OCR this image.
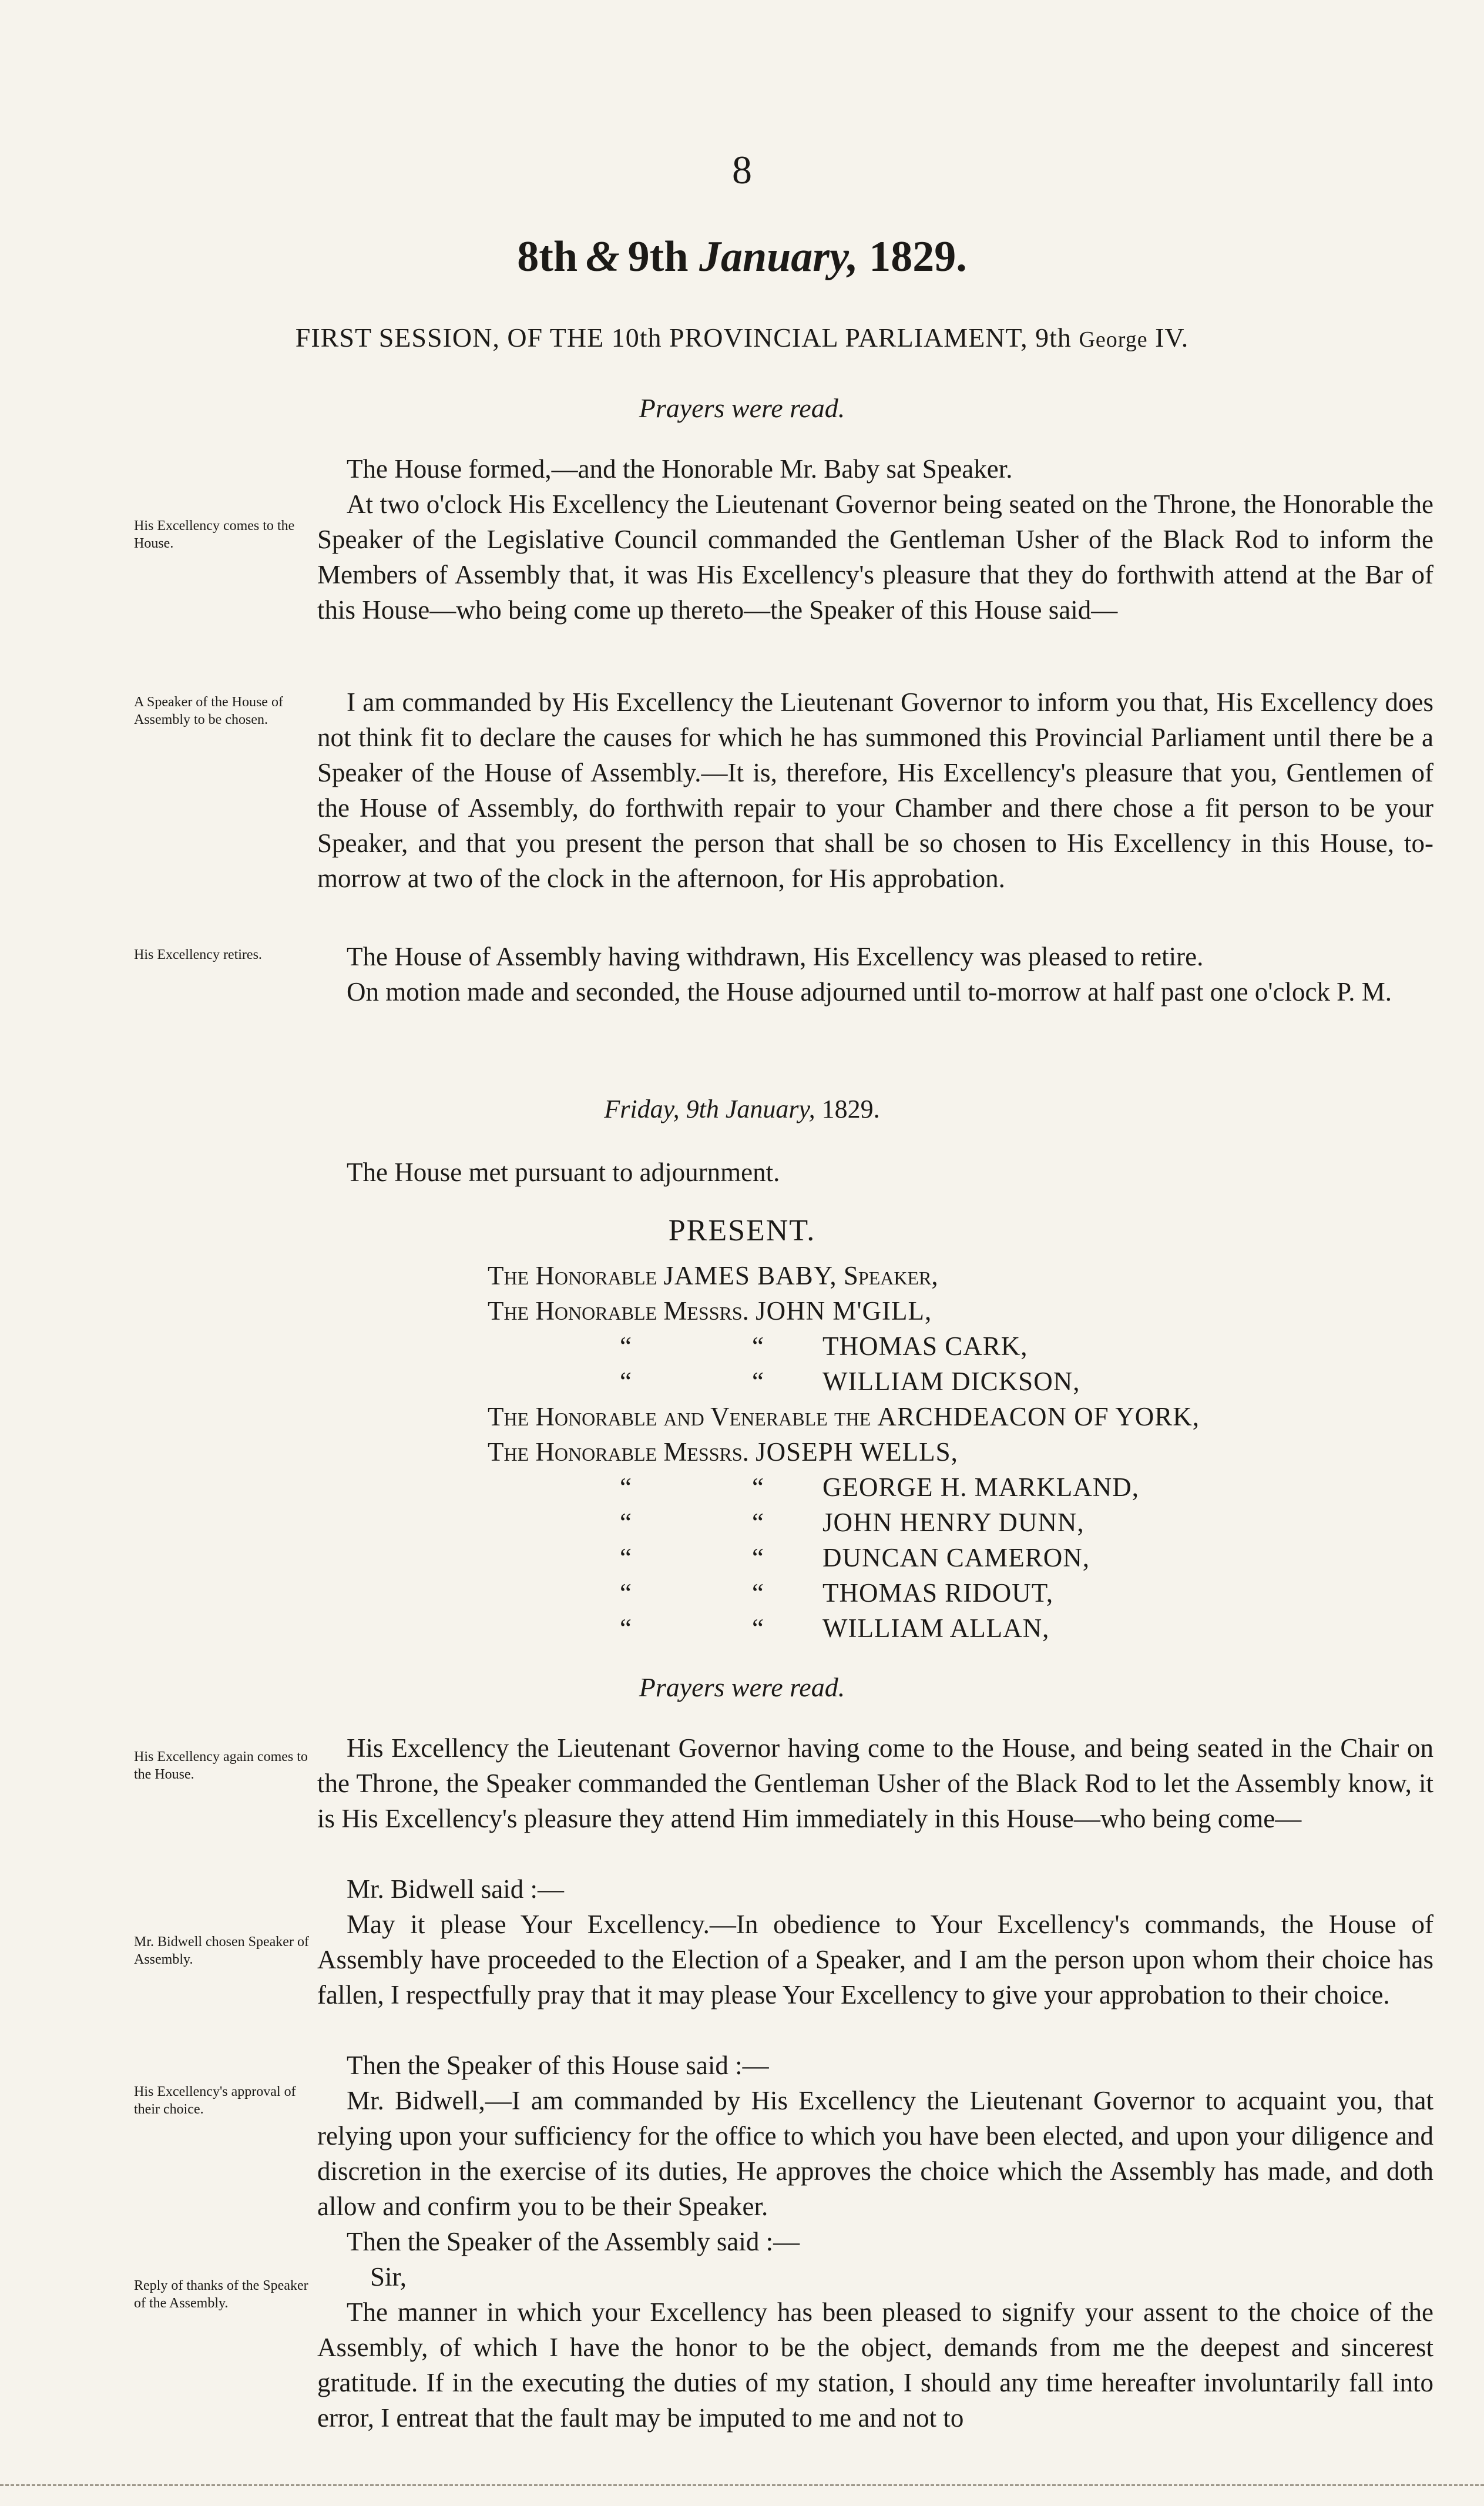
8
8th & 9th January, 1829.
FIRST SESSION, OF THE 10th PROVINCIAL PARLIAMENT, 9th George IV.
Prayers were read.
The House formed,—and the Honorable Mr. Baby sat Speaker.
His Excellency comes to the House.
At two o'clock His Excellency the Lieutenant Governor being seated on the Throne, the Honorable the Speaker of the Legislative Council commanded the Gentleman Usher of the Black Rod to inform the Members of Assembly that, it was His Excellency's pleasure that they do forthwith attend at the Bar of this House—who being come up thereto—the Speaker of this House said—
A Speaker of the House of Assembly to be chosen.
I am commanded by His Excellency the Lieutenant Governor to inform you that, His Excellency does not think fit to declare the causes for which he has summoned this Provincial Parliament until there be a Speaker of the House of Assembly.—It is, therefore, His Excellency's pleasure that you, Gentlemen of the House of Assembly, do forthwith repair to your Chamber and there chose a fit person to be your Speaker, and that you present the person that shall be so chosen to His Excellency in this House, to-morrow at two of the clock in the afternoon, for His approbation.
His Excellency retires.	The House of Assembly having withdrawn, His Excellency was pleased to retire.
On motion made and seconded, the House adjourned until to-morrow at half past one o'clock P. M.
Friday, 9th January, 1829.
The House met pursuant to adjournment.
PRESENT.
The Honorable JAMES BABY, Speaker,
The Honorable Messrs. JOHN M'GILL,
“	“ THOMAS CARK,
“	“ WILLIAM DICKSON,
The Honorable and Venerable the ARCHDEACON OF YORK,
The Honorable Messrs. JOSEPH WELLS,
“	“ GEORGE H. MARKLAND,
“	“ JOHN HENRY DUNN,
“	“ DUNCAN CAMERON,
“	“ THOMAS RIDOUT,
“	“ WILLIAM ALLAN,
Prayers were read.
His Excellency again comes to the House.
His Excellency the Lieutenant Governor having come to the House, and being seated in the Chair on the Throne, the Speaker commanded the Gentleman Usher of the Black Rod to let the Assembly know, it is His Excellency's pleasure they attend Him immediately in this House—who being come—
Mr. Bidwell said :—
Mr. Bidwell chosen Speaker of Assembly.
May it please Your Excellency.—In obedience to Your Excellency's commands, the House of Assembly have proceeded to the Election of a Speaker, and I am the person upon whom their choice has fallen, I respectfully pray that it may please Your Excellency to give your approbation to their choice.
Then the Speaker of this House said :—
His Excellency's approval of their choice.	Mr. Bidwell,—I am commanded by His Excellency the Lieutenant Governor to acquaint you, that relying upon your sufficiency for the office to which you have been elected, and upon your diligence and discretion in the exercise of its duties, He approves the choice which the Assembly has made, and doth allow and confirm you to be their Speaker.
Then the Speaker of the Assembly said :—
Reply of thanks of the Speaker of the Assembly.
Sir,
The manner in which your Excellency has been pleased to signify your assent to the choice of the Assembly, of which I have the honor to be the object, demands from me the deepest and sincerest gratitude. If in the executing the duties of my station, I should any time hereafter involuntarily fall into error, I entreat that the fault may be imputed to me and not to
